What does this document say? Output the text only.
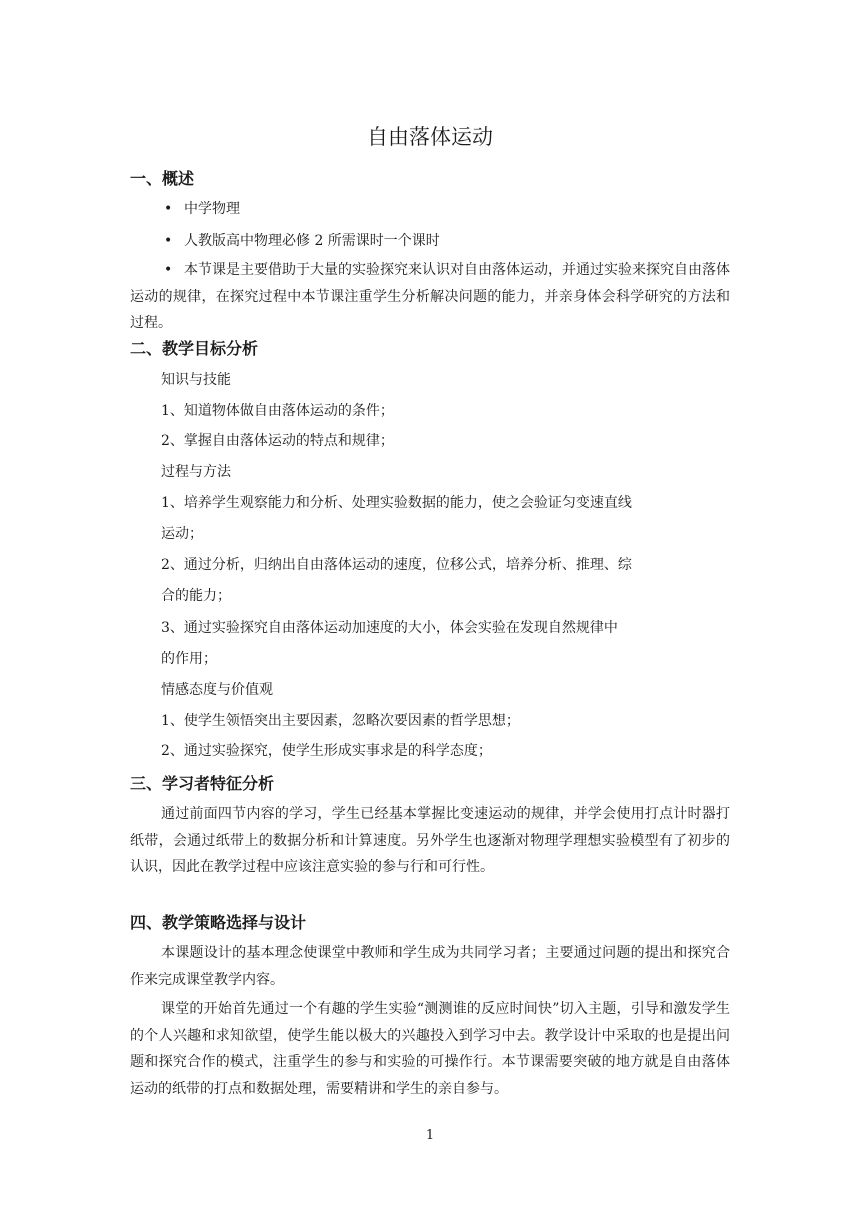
自由落体运动
一、概述
• 中学物理
• 人教版高中物理必修 2 所需课时一个课时
• 本节课是主要借助于大量的实验探究来认识对自由落体运动，并通过实验来探究自由落体运动的规律，在探究过程中本节课注重学生分析解决问题的能力，并亲身体会科学研究的方法和过程。
二、教学目标分析
知识与技能
1、知道物体做自由落体运动的条件；
2、掌握自由落体运动的特点和规律；
过程与方法
1、培养学生观察能力和分析、处理实验数据的能力，使之会验证匀变速直线
运动；
2、通过分析，归纳出自由落体运动的速度，位移公式，培养分析、推理、综
合的能力；
3、通过实验探究自由落体运动加速度的大小，体会实验在发现自然规律中
的作用；
情感态度与价值观
1、使学生领悟突出主要因素，忽略次要因素的哲学思想；
2、通过实验探究，使学生形成实事求是的科学态度；
三、学习者特征分析
通过前面四节内容的学习，学生已经基本掌握比变速运动的规律，并学会使用打点计时器打纸带，会通过纸带上的数据分析和计算速度。另外学生也逐渐对物理学理想实验模型有了初步的认识，因此在教学过程中应该注意实验的参与行和可行性。
四、教学策略选择与设计
本课题设计的基本理念使课堂中教师和学生成为共同学习者；主要通过问题的提出和探究合作来完成课堂教学内容。
课堂的开始首先通过一个有趣的学生实验“测测谁的反应时间快”切入主题，引导和激发学生的个人兴趣和求知欲望，使学生能以极大的兴趣投入到学习中去。教学设计中采取的也是提出问题和探究合作的模式，注重学生的参与和实验的可操作行。本节课需要突破的地方就是自由落体运动的纸带的打点和数据处理，需要精讲和学生的亲自参与。
1
